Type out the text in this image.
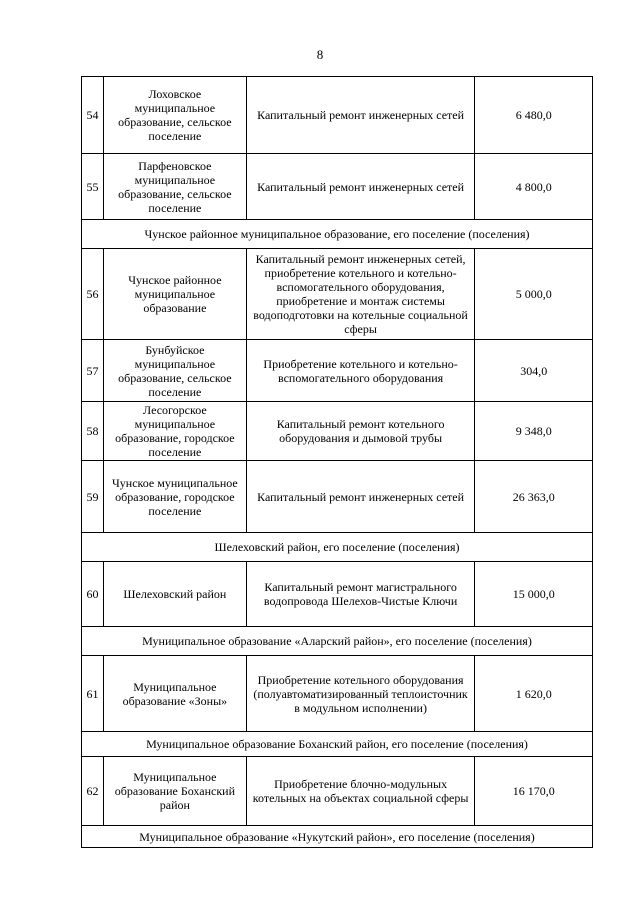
8
54	Лоховское муниципальное образование, сельское поселение	Капитальный ремонт инженерных сетей	6 480,0
55	Парфеновское муниципальное образование, сельское поселение	Капитальный ремонт инженерных сетей	4 800,0
Чунское районное муниципальное образование, его поселение (поселения)			
56	Чунское районное муниципальное образование	Капитальный ремонт инженерных сетей, приобретение котельного и котельно-вспомогательного оборудования, приобретение и монтаж системы водоподготовки на котельные социальной сферы	5 000,0
57	Бунбуйское муниципальное образование, сельское поселение	Приобретение котельного и котельно-вспомогательного оборудования	304,0
58	Лесогорское муниципальное образование, городское поселение	Капитальный ремонт котельного оборудования и дымовой трубы	9 348,0
59	Чунское муниципальное образование, городское поселение	Капитальный ремонт инженерных сетей	26 363,0
Шелеховский район, его поселение (поселения)			
60	Шелеховский район	Капитальный ремонт магистрального водопровода Шелехов-Чистые Ключи	15 000,0
Муниципальное образование «Аларский район», его поселение (поселения)			
61	Муниципальное образование «Зоны»	Приобретение котельного оборудования (полуавтоматизированный теплоисточник в модульном исполнении)	1 620,0
Муниципальное образование Боханский район, его поселение (поселения)			
62	Муниципальное образование Боханский район	Приобретение блочно-модульных котельных на объектах социальной сферы	16 170,0
Муниципальное образование «Нукутский район», его поселение (поселения)			
